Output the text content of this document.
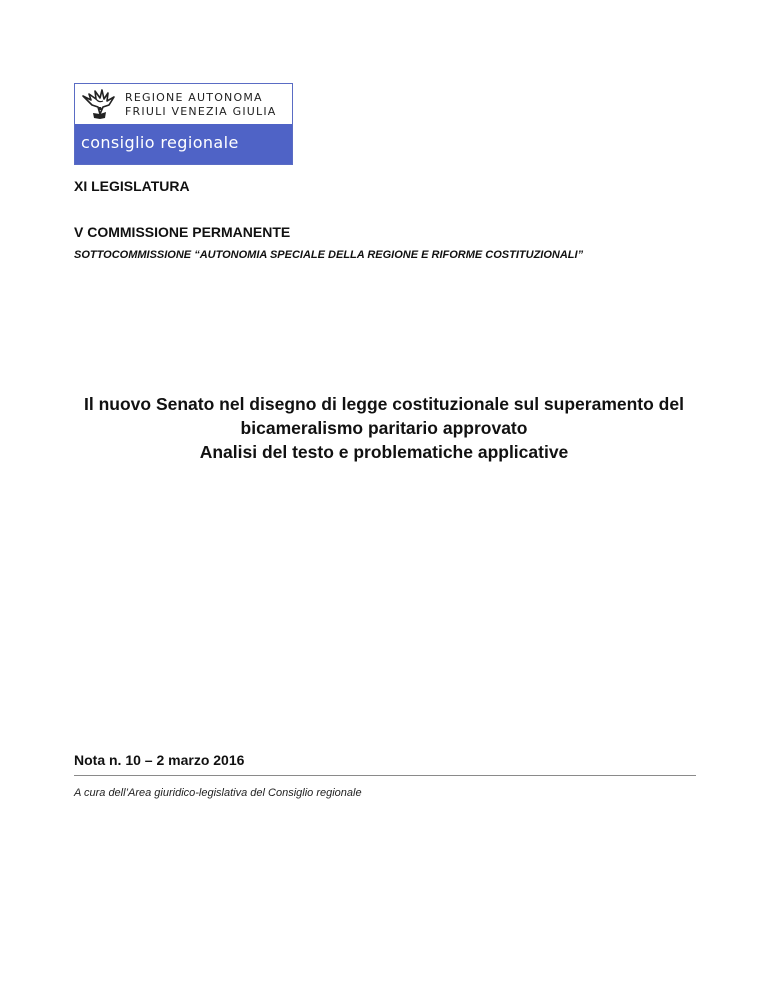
REGIONE AUTONOMA
FRIULI VENEZIA GIULIA
consiglio regionale
XI LEGISLATURA
V COMMISSIONE PERMANENTE
SOTTOCOMMISSIONE “AUTONOMIA SPECIALE DELLA REGIONE E RIFORME COSTITUZIONALI”
Il nuovo Senato nel disegno di legge costituzionale sul superamento del
bicameralismo paritario approvato
Analisi del testo e problematiche applicative
Nota n. 10 – 2 marzo 2016
A cura dell’Area giuridico-legislativa del Consiglio regionale
